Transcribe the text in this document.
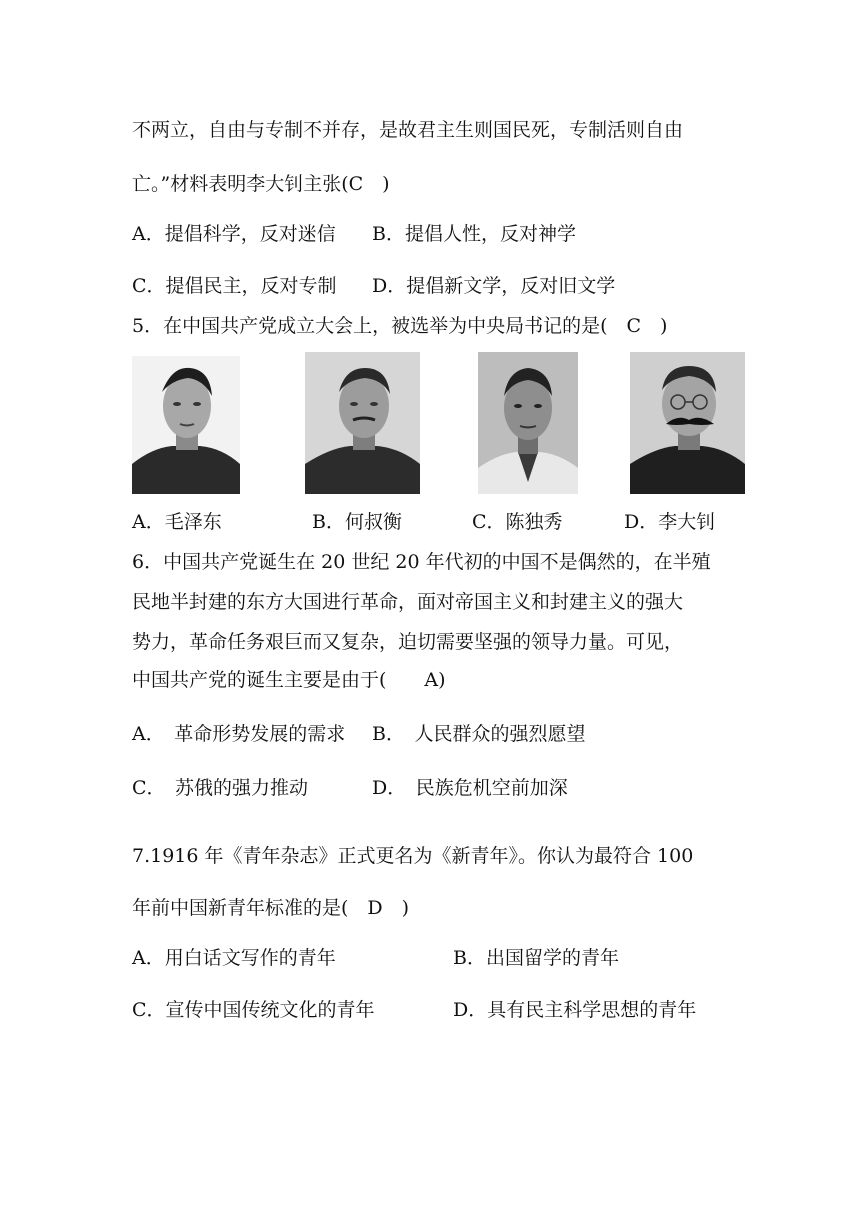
不两立，自由与专制不并存，是故君主生则国民死，专制活则自由
亡。”材料表明李大钊主张(C　)
A．提倡科学，反对迷信 B．提倡人性，反对神学
C．提倡民主，反对专制 D．提倡新文学，反对旧文学
5．在中国共产党成立大会上，被选举为中央局书记的是(　C　)
A．毛泽东	B．何叔衡	C．陈独秀	D．李大钊
6．中国共产党诞生在 20 世纪 20 年代初的中国不是偶然的，在半殖
民地半封建的东方大国进行革命，面对帝国主义和封建主义的强大
势力，革命任务艰巨而又复杂，迫切需要坚强的领导力量。可见，
中国共产党的诞生主要是由于(　　A)
A．　革命形势发展的需求 B．　人民群众的强烈愿望
C．　苏俄的强力推动	D．　民族危机空前加深
7.1916 年《青年杂志》正式更名为《新青年》。你认为最符合 100
年前中国新青年标准的是(　D　)
A．用白话文写作的青年	B．出国留学的青年
C．宣传中国传统文化的青年	D．具有民主科学思想的青年
